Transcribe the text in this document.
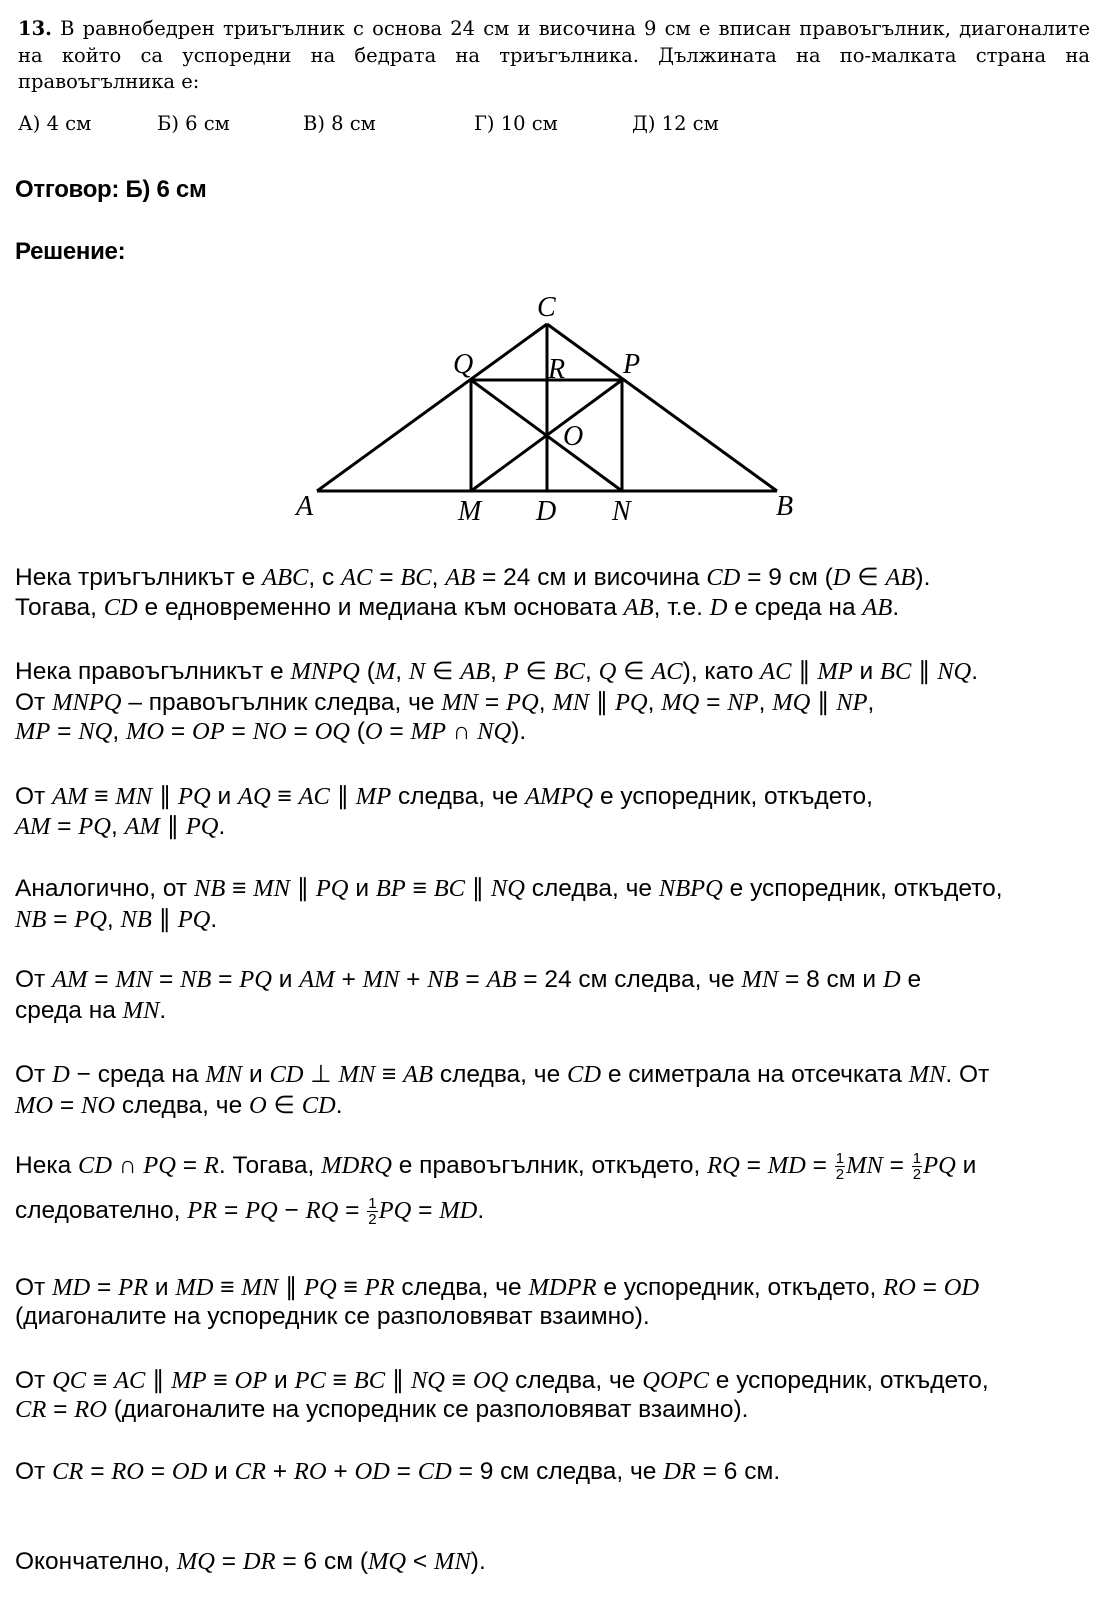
13. В равнобедрен триъгълник с основа 24 см и височина 9 см е вписан правоъгълник, диагоналите на който са успоредни на бедрата на триъгълника. Дължината на по-малката страна на правоъгълника е:
А) 4 см	Б) 6 см	В) 8 см	Г) 10 см	Д) 12 см
Отговор: Б) 6 см
Решение:
C
Q	R P
O
A	M D N	B
Нека триъгълникът е ABC, с AC = BC, AB = 24 см и височина CD = 9 см (D ∈ AB).
Тогава, CD е едновременно и медиана към основата AB, т.е. D е среда на AB.
Нека правоъгълникът е MNPQ (M, N ∈ AB, P ∈ BC, Q ∈ AC), като AC ∥ MP и BC ∥ NQ.
От MNPQ – правоъгълник следва, че MN = PQ, MN ∥ PQ, MQ = NP, MQ ∥ NP,
MP = NQ, MO = OP = NO = OQ (O = MP ∩ NQ).
От AM ≡ MN ∥ PQ и AQ ≡ AC ∥ MP следва, че AMPQ е успоредник, откъдето,
AM = PQ, AM ∥ PQ.
Аналогично, от NB ≡ MN ∥ PQ и BP ≡ BC ∥ NQ следва, че NBPQ е успоредник, откъдето,
NB = PQ, NB ∥ PQ.
От AM = MN = NB = PQ и AM + MN + NB = AB = 24 см следва, че MN = 8 см и D е
среда на MN.
От D − среда на MN и CD ⊥ MN ≡ AB следва, че CD е симетрала на отсечката MN. От
MO = NO следва, че O ∈ CD.
Нека CD ∩ PQ = R. Тогава, MDRQ е правоъгълник, откъдето, RQ = MD = $\frac{1}{2}$ MN = $\frac{1}{2}$ PQ и
следователно, PR = PQ − RQ = $\frac{1}{2}$ PQ = MD.
От MD = PR и MD ≡ MN ∥ PQ ≡ PR следва, че MDPR е успоредник, откъдето, RO = OD
(диагоналите на успоредник се разполовяват взаимно).
От QC ≡ AC ∥ MP ≡ OP и PC ≡ BC ∥ NQ ≡ OQ следва, че QOPC е успоредник, откъдето,
CR = RO (диагоналите на успоредник се разполовяват взаимно).
От CR = RO = OD и CR + RO + OD = CD = 9 см следва, че DR = 6 см.
Окончателно, MQ = DR = 6 см (MQ < MN).
